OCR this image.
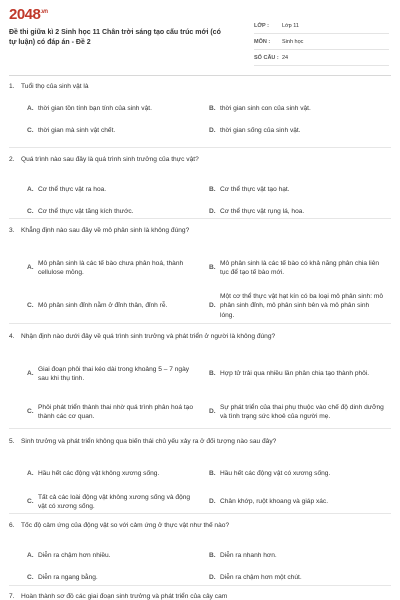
$2048^{.vn}$
Đề thi giữa kì 2 Sinh học 11 Chân trời sáng tạo cấu trúc mới (có tự luận) có đáp án - Đề 2
LỚP :	Lớp 11
MÔN :	Sinh học
SỐ CÂU : 24
1. Tuổi thọ của sinh vật là
A. thời gian tồn tính bạn tính của sinh vật.	B. thời gian sinh con của sinh vật.
C. thời gian mà sinh vật chết.	D. thời gian sống của sinh vật.
2. Quá trình nào sau đây là quá trình sinh trưởng của thực vật?
A. Cơ thể thực vật ra hoa.	B. Cơ thể thực vật tạo hạt.
C. Cơ thể thực vật tăng kích thước.	D. Cơ thể thực vật rụng lá, hoa.
3. Khẳng định nào sau đây về mô phân sinh là không đúng?
A.
Mô phân sinh là các tế bào chưa phân hoá, thành cellulose mỏng.
B.
Mô phân sinh là các tế bào có khả năng phân chia liên tục để tạo tế bào mới.
C. Mô phân sinh đỉnh nằm ở đỉnh thân, đỉnh rễ.	D.
Một cơ thể thực vật hạt kín có ba loại mô phân sinh: mô phân sinh đỉnh, mô phân sinh bên và mô phân sinh lóng.
4. Nhận định nào dưới đây về quá trình sinh trưởng và phát triển ở người là không đúng?
A.
Giai đoạn phôi thai kéo dài trong khoảng 5 – 7 ngày sau khi thụ tinh.
B. Hợp tử trải qua nhiều lần phân chia tạo thành phôi.
C.
Phôi phát triển thành thai nhờ quá trình phân hoá tạo thành các cơ quan.
D.
Sự phát triển của thai phụ thuộc vào chế độ dinh dưỡng và tình trạng sức khoẻ của người mẹ.
5. Sinh trưởng và phát triển không qua biến thái chủ yếu xảy ra ở đối tượng nào sau đây?
A. Hầu hết các động vật không xương sống.	B. Hầu hết các động vật có xương sống.
C.
Tất cả các loài động vật không xương sống và động vật có xương sống.
D. Chân khớp, ruột khoang và giáp xác.
6. Tốc độ cảm ứng của động vật so với cảm ứng ở thực vật như thế nào?
A. Diễn ra chậm hơn nhiều.	B. Diễn ra nhanh hơn.
C. Diễn ra ngang bằng.	D. Diễn ra chậm hơn một chút.
7. Hoàn thành sơ đồ các giai đoạn sinh trưởng và phát triển của cây cam
